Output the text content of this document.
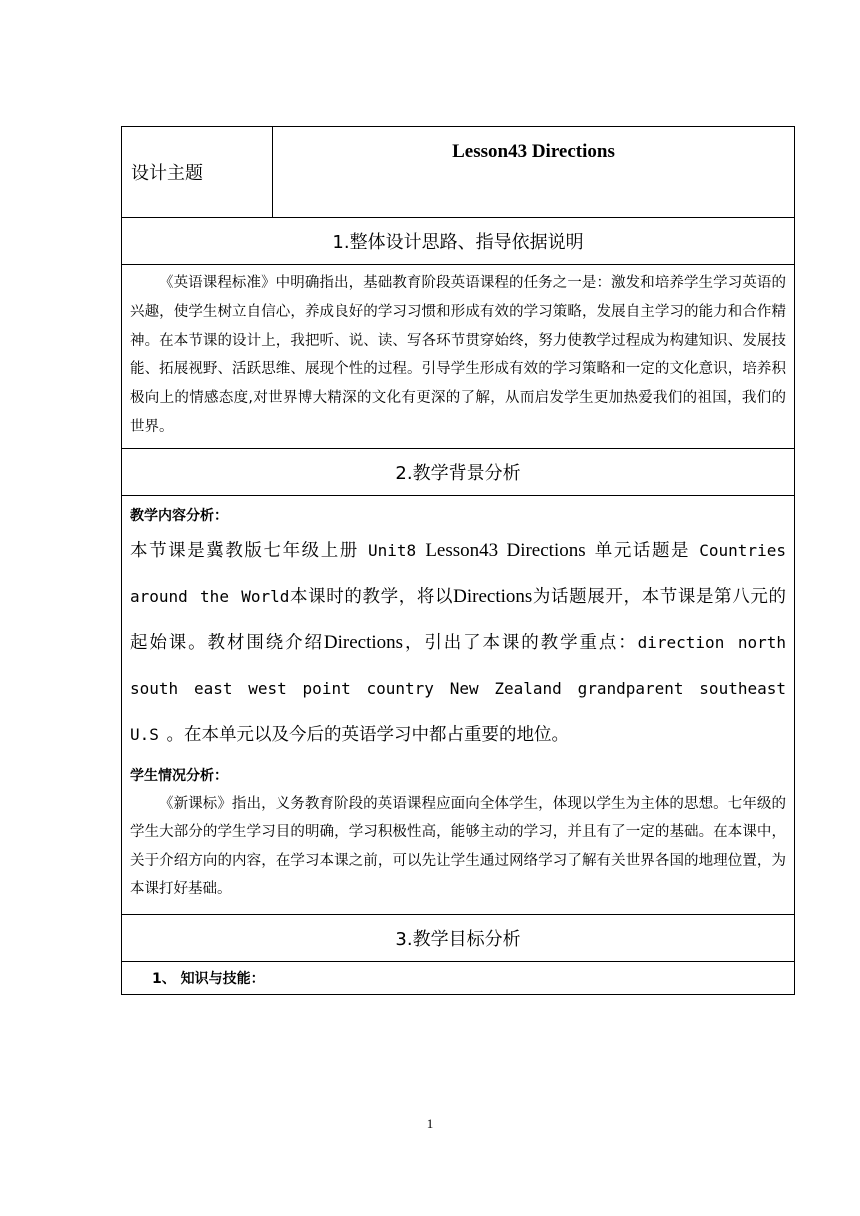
设计主题	Lesson43 Directions
1.整体设计思路、指导依据说明
《英语课程标准》中明确指出，基础教育阶段英语课程的任务之一是：激发和培养学生学习英语的兴趣，使学生树立自信心，养成良好的学习习惯和形成有效的学习策略，发展自主学习的能力和合作精神。在本节课的设计上，我把听、说、读、写各环节贯穿始终，努力使教学过程成为构建知识、发展技能、拓展视野、活跃思维、展现个性的过程。引导学生形成有效的学习策略和一定的文化意识，培养积极向上的情感态度,对世界博大精深的文化有更深的了解，从而启发学生更加热爱我们的祖国，我们的世界。
2.教学背景分析

教学内容分析：
本节课是冀教版七年级上册 Unit8 Lesson43 Directions 单元话题是 Countries around the World本课时的教学，将以Directions为话题展开，本节课是第八元的起始课。教材围绕介绍Directions，引出了本课的教学重点：direction north south east west point country New Zealand grandparent southeast U.S 。在本单元以及今后的英语学习中都占重要的地位。
学生情况分析：
《新课标》指出，义务教育阶段的英语课程应面向全体学生，体现以学生为主体的思想。七年级的学生大部分的学生学习目的明确，学习积极性高，能够主动的学习，并且有了一定的基础。在本课中，关于介绍方向的内容，在学习本课之前，可以先让学生通过网络学习了解有关世界各国的地理位置，为本课打好基础。

3.教学目标分析
1、 知识与技能：
1
